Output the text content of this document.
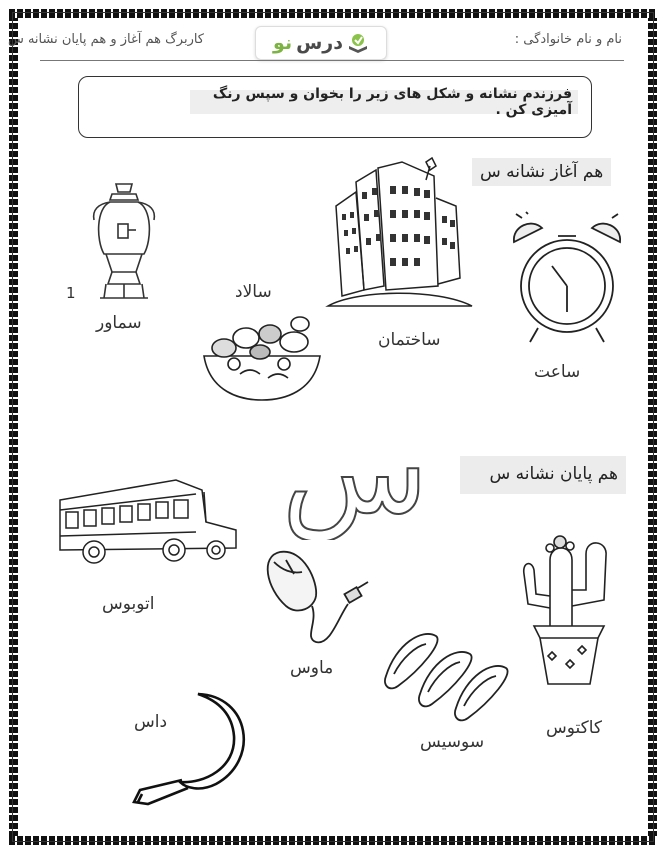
نام و نام خانوادگی :
کاربرگ هم آغاز و هم پایان نشانه س	درس
نو
فرزندم نشانه و شکل های زیر را بخوان و سپس رنگ آمیزی کن .
هم آغاز نشانه س
سماور
1	سالاد
ساختمان
ساعت
س	هم پایان نشانه س
اتوبوس
ماوس
کاکتوس
سوسیس
داس
